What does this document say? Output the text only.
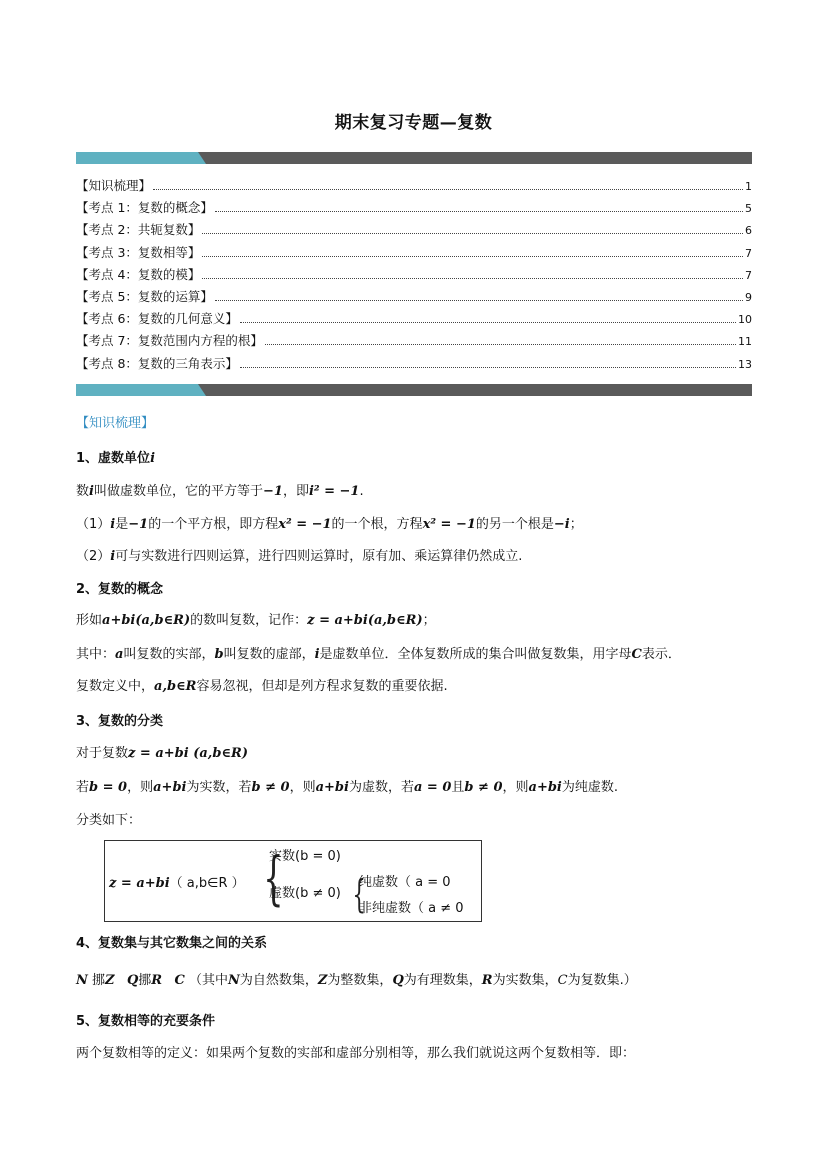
期末复习专题—复数
【知识梳理】	1
【考点 1：复数的概念】	5
【考点 2：共轭复数】	6
【考点 3：复数相等】	7
【考点 4：复数的模】	7
【考点 5：复数的运算】	9
【考点 6：复数的几何意义】	10
【考点 7：复数范围内方程的根】	11
【考点 8：复数的三角表示】	13
【知识梳理】
1、虚数单位i
数i叫做虚数单位，它的平方等于−1，即i² = −1.
（1）i是−1的一个平方根，即方程x² = −1的一个根，方程x² = −1的另一个根是−i；
（2）i可与实数进行四则运算，进行四则运算时，原有加、乘运算律仍然成立.
2、复数的概念
形如a+bi(a,b∈R)的数叫复数，记作：z = a+bi(a,b∈R)；
其中：a叫复数的实部，b叫复数的虚部，i是虚数单位．全体复数所成的集合叫做复数集，用字母C表示．
复数定义中，a,b∈R容易忽视，但却是列方程求复数的重要依据.
3、复数的分类
对于复数z = a+bi (a,b∈R)
若b = 0，则a+bi为实数，若b ≠ 0，则a+bi为虚数，若a = 0且b ≠ 0，则a+bi为纯虚数.
分类如下：
z = a+bi（ a,b∈R ） {
实数(b = 0)
虚数(b ≠ 0) {
纯虚数（ a = 0
非纯虚数（ a ≠ 0
4、复数集与其它数集之间的关系
N 挪Z Q挪R C （其中N为自然数集，Z为整数集，Q为有理数集，R为实数集，C为复数集.）
5、复数相等的充要条件
两个复数相等的定义：如果两个复数的实部和虚部分别相等，那么我们就说这两个复数相等．即：
